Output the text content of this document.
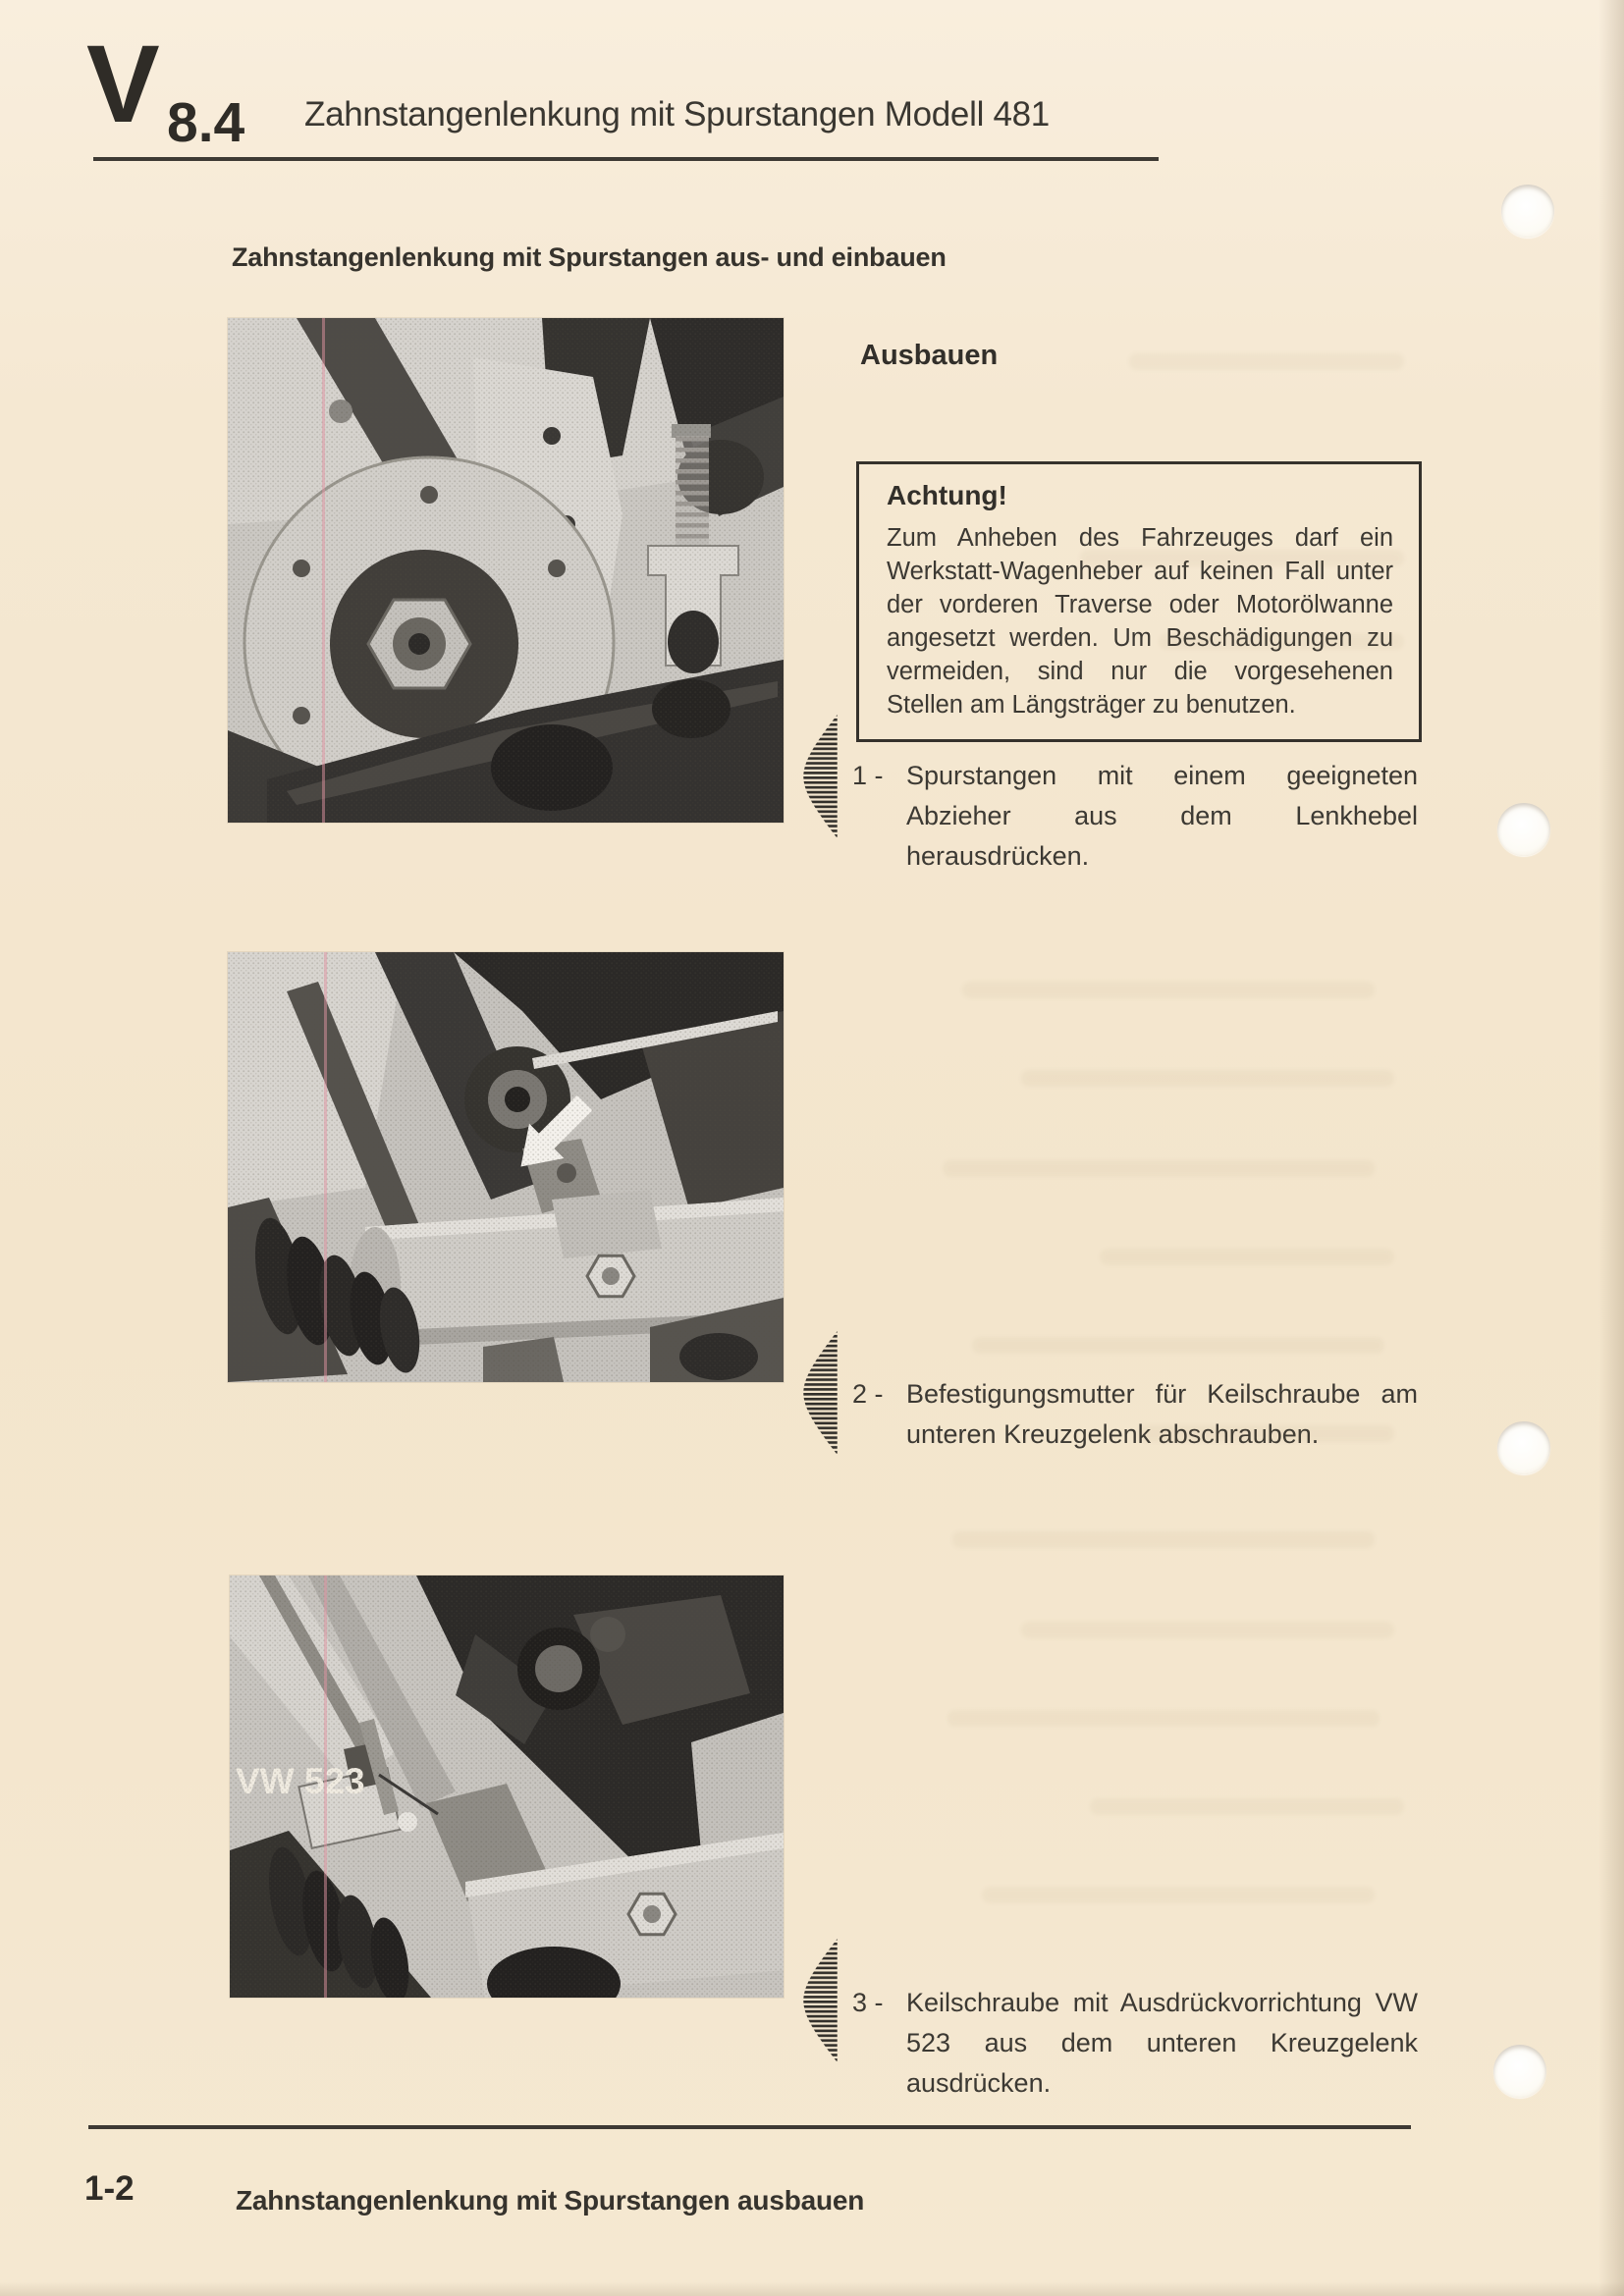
V 8.4 Zahnstangenlenkung mit Spurstangen Modell 481
Zahnstangenlenkung mit Spurstangen aus- und einbauen
Ausbauen

Achtung!

Zum Anheben des Fahrzeuges darf ein Werkstatt-Wagenheber auf keinen Fall unter der vorderen Traverse oder Motorölwanne angesetzt werden. Um Beschädigungen zu vermeiden, sind nur die vorgesehenen Stellen am Längsträger zu benutzen.

1 - Spurstangen mit einem geeigneten Abzieher aus dem Lenkhebel herausdrücken.

2 - Befestigungsmutter für Keilschraube am unteren Kreuzgelenk abschrauben.

3 - Keilschraube mit Ausdrückvorrichtung VW 523 aus dem unteren Kreuzgelenk ausdrücken.

1-2	Zahnstangenlenkung mit Spurstangen ausbauen
